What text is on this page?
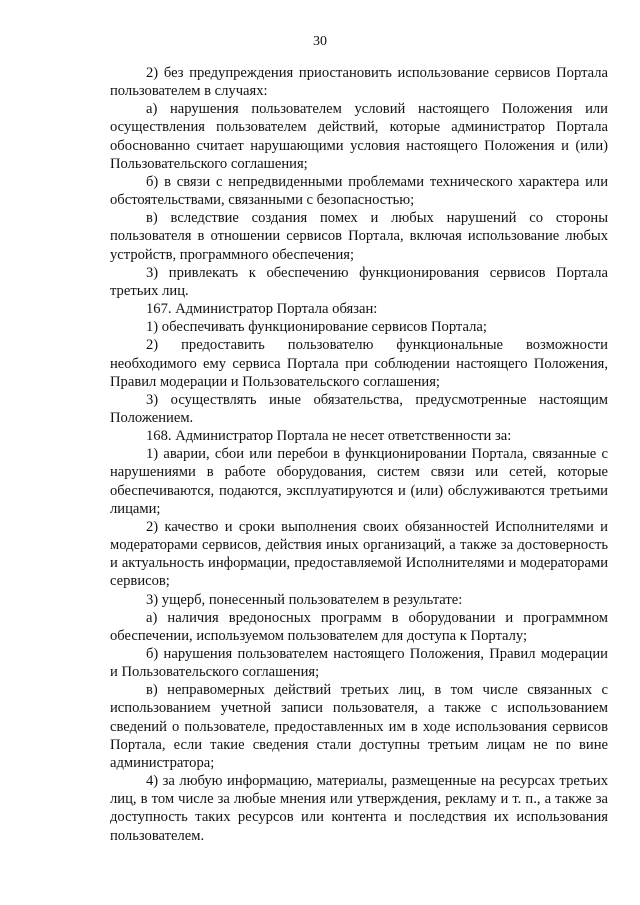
30

2) без предупреждения приостановить использование сервисов Портала пользователем в случаях:

а) нарушения пользователем условий настоящего Положения или осуществления пользователем действий, которые администратор Портала обоснованно считает нарушающими условия настоящего Положения и (или) Пользовательского соглашения;

б) в связи с непредвиденными проблемами технического характера или обстоятельствами, связанными с безопасностью;

в) вследствие создания помех и любых нарушений со стороны пользователя в отношении сервисов Портала, включая использование любых устройств, программного обеспечения;

3) привлекать к обеспечению функционирования сервисов Портала третьих лиц.

167. Администратор Портала обязан:

1) обеспечивать функционирование сервисов Портала;

2) предоставить пользователю функциональные возможности необходимого ему сервиса Портала при соблюдении настоящего Положения, Правил модерации и Пользовательского соглашения;

3) осуществлять иные обязательства, предусмотренные настоящим Положением.

168. Администратор Портала не несет ответственности за:

1) аварии, сбои или перебои в функционировании Портала, связанные с нарушениями в работе оборудования, систем связи или сетей, которые обеспечиваются, подаются, эксплуатируются и (или) обслуживаются третьими лицами;

2) качество и сроки выполнения своих обязанностей Исполнителями и модераторами сервисов, действия иных организаций, а также за достоверность и актуальность информации, предоставляемой Исполнителями и модераторами сервисов;

3) ущерб, понесенный пользователем в результате:

а) наличия вредоносных программ в оборудовании и программном обеспечении, используемом пользователем для доступа к Порталу;

б) нарушения пользователем настоящего Положения, Правил модерации и Пользовательского соглашения;

в) неправомерных действий третьих лиц, в том числе связанных с использованием учетной записи пользователя, а также с использованием сведений о пользователе, предоставленных им в ходе использования сервисов Портала, если такие сведения стали доступны третьим лицам не по вине администратора;

4) за любую информацию, материалы, размещенные на ресурсах третьих лиц, в том числе за любые мнения или утверждения, рекламу и т. п., а также за доступность таких ресурсов или контента и последствия их использования пользователем.
